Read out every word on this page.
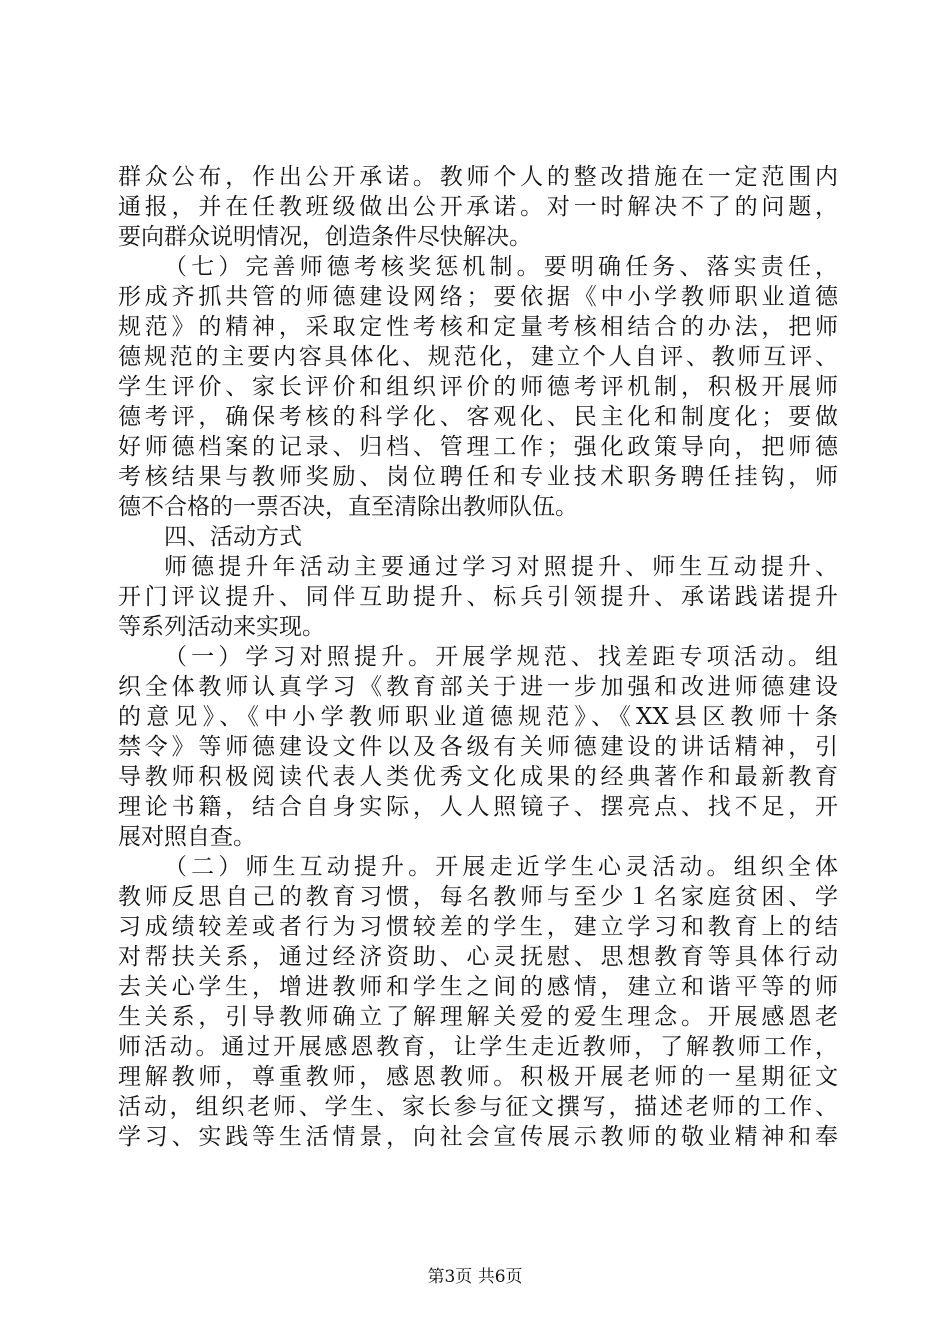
群众公布，作出公开承诺。教师个人的整改措施在一定范围内
通报，并在任教班级做出公开承诺。对一时解决不了的问题，
要向群众说明情况，创造条件尽快解决。
（七）完善师德考核奖惩机制。要明确任务、落实责任，
形成齐抓共管的师德建设网络；要依据《中小学教师职业道德
规范》的精神，采取定性考核和定量考核相结合的办法，把师
德规范的主要内容具体化、规范化，建立个人自评、教师互评、
学生评价、家长评价和组织评价的师德考评机制，积极开展师
德考评，确保考核的科学化、客观化、民主化和制度化；要做
好师德档案的记录、归档、管理工作；强化政策导向，把师德
考核结果与教师奖励、岗位聘任和专业技术职务聘任挂钩，师
德不合格的一票否决，直至清除出教师队伍。
四、活动方式
师德提升年活动主要通过学习对照提升、师生互动提升、
开门评议提升、同伴互助提升、标兵引领提升、承诺践诺提升
等系列活动来实现。
（一）学习对照提升。开展学规范、找差距专项活动。组
织全体教师认真学习《教育部关于进一步加强和改进师德建设
的意见》、《中小学教师职业道德规范》、《XX县区教师十条
禁令》等师德建设文件以及各级有关师德建设的讲话精神，引
导教师积极阅读代表人类优秀文化成果的经典著作和最新教育
理论书籍，结合自身实际，人人照镜子、摆亮点、找不足，开
展对照自查。
（二）师生互动提升。开展走近学生心灵活动。组织全体
教师反思自己的教育习惯，每名教师与至少１名家庭贫困、学
习成绩较差或者行为习惯较差的学生，建立学习和教育上的结
对帮扶关系，通过经济资助、心灵抚慰、思想教育等具体行动
去关心学生，增进教师和学生之间的感情，建立和谐平等的师
生关系，引导教师确立了解理解关爱的爱生理念。开展感恩老
师活动。通过开展感恩教育，让学生走近教师，了解教师工作，
理解教师，尊重教师，感恩教师。积极开展老师的一星期征文
活动，组织老师、学生、家长参与征文撰写，描述老师的工作、
学习、实践等生活情景，向社会宣传展示教师的敬业精神和奉
第3页 共6页
